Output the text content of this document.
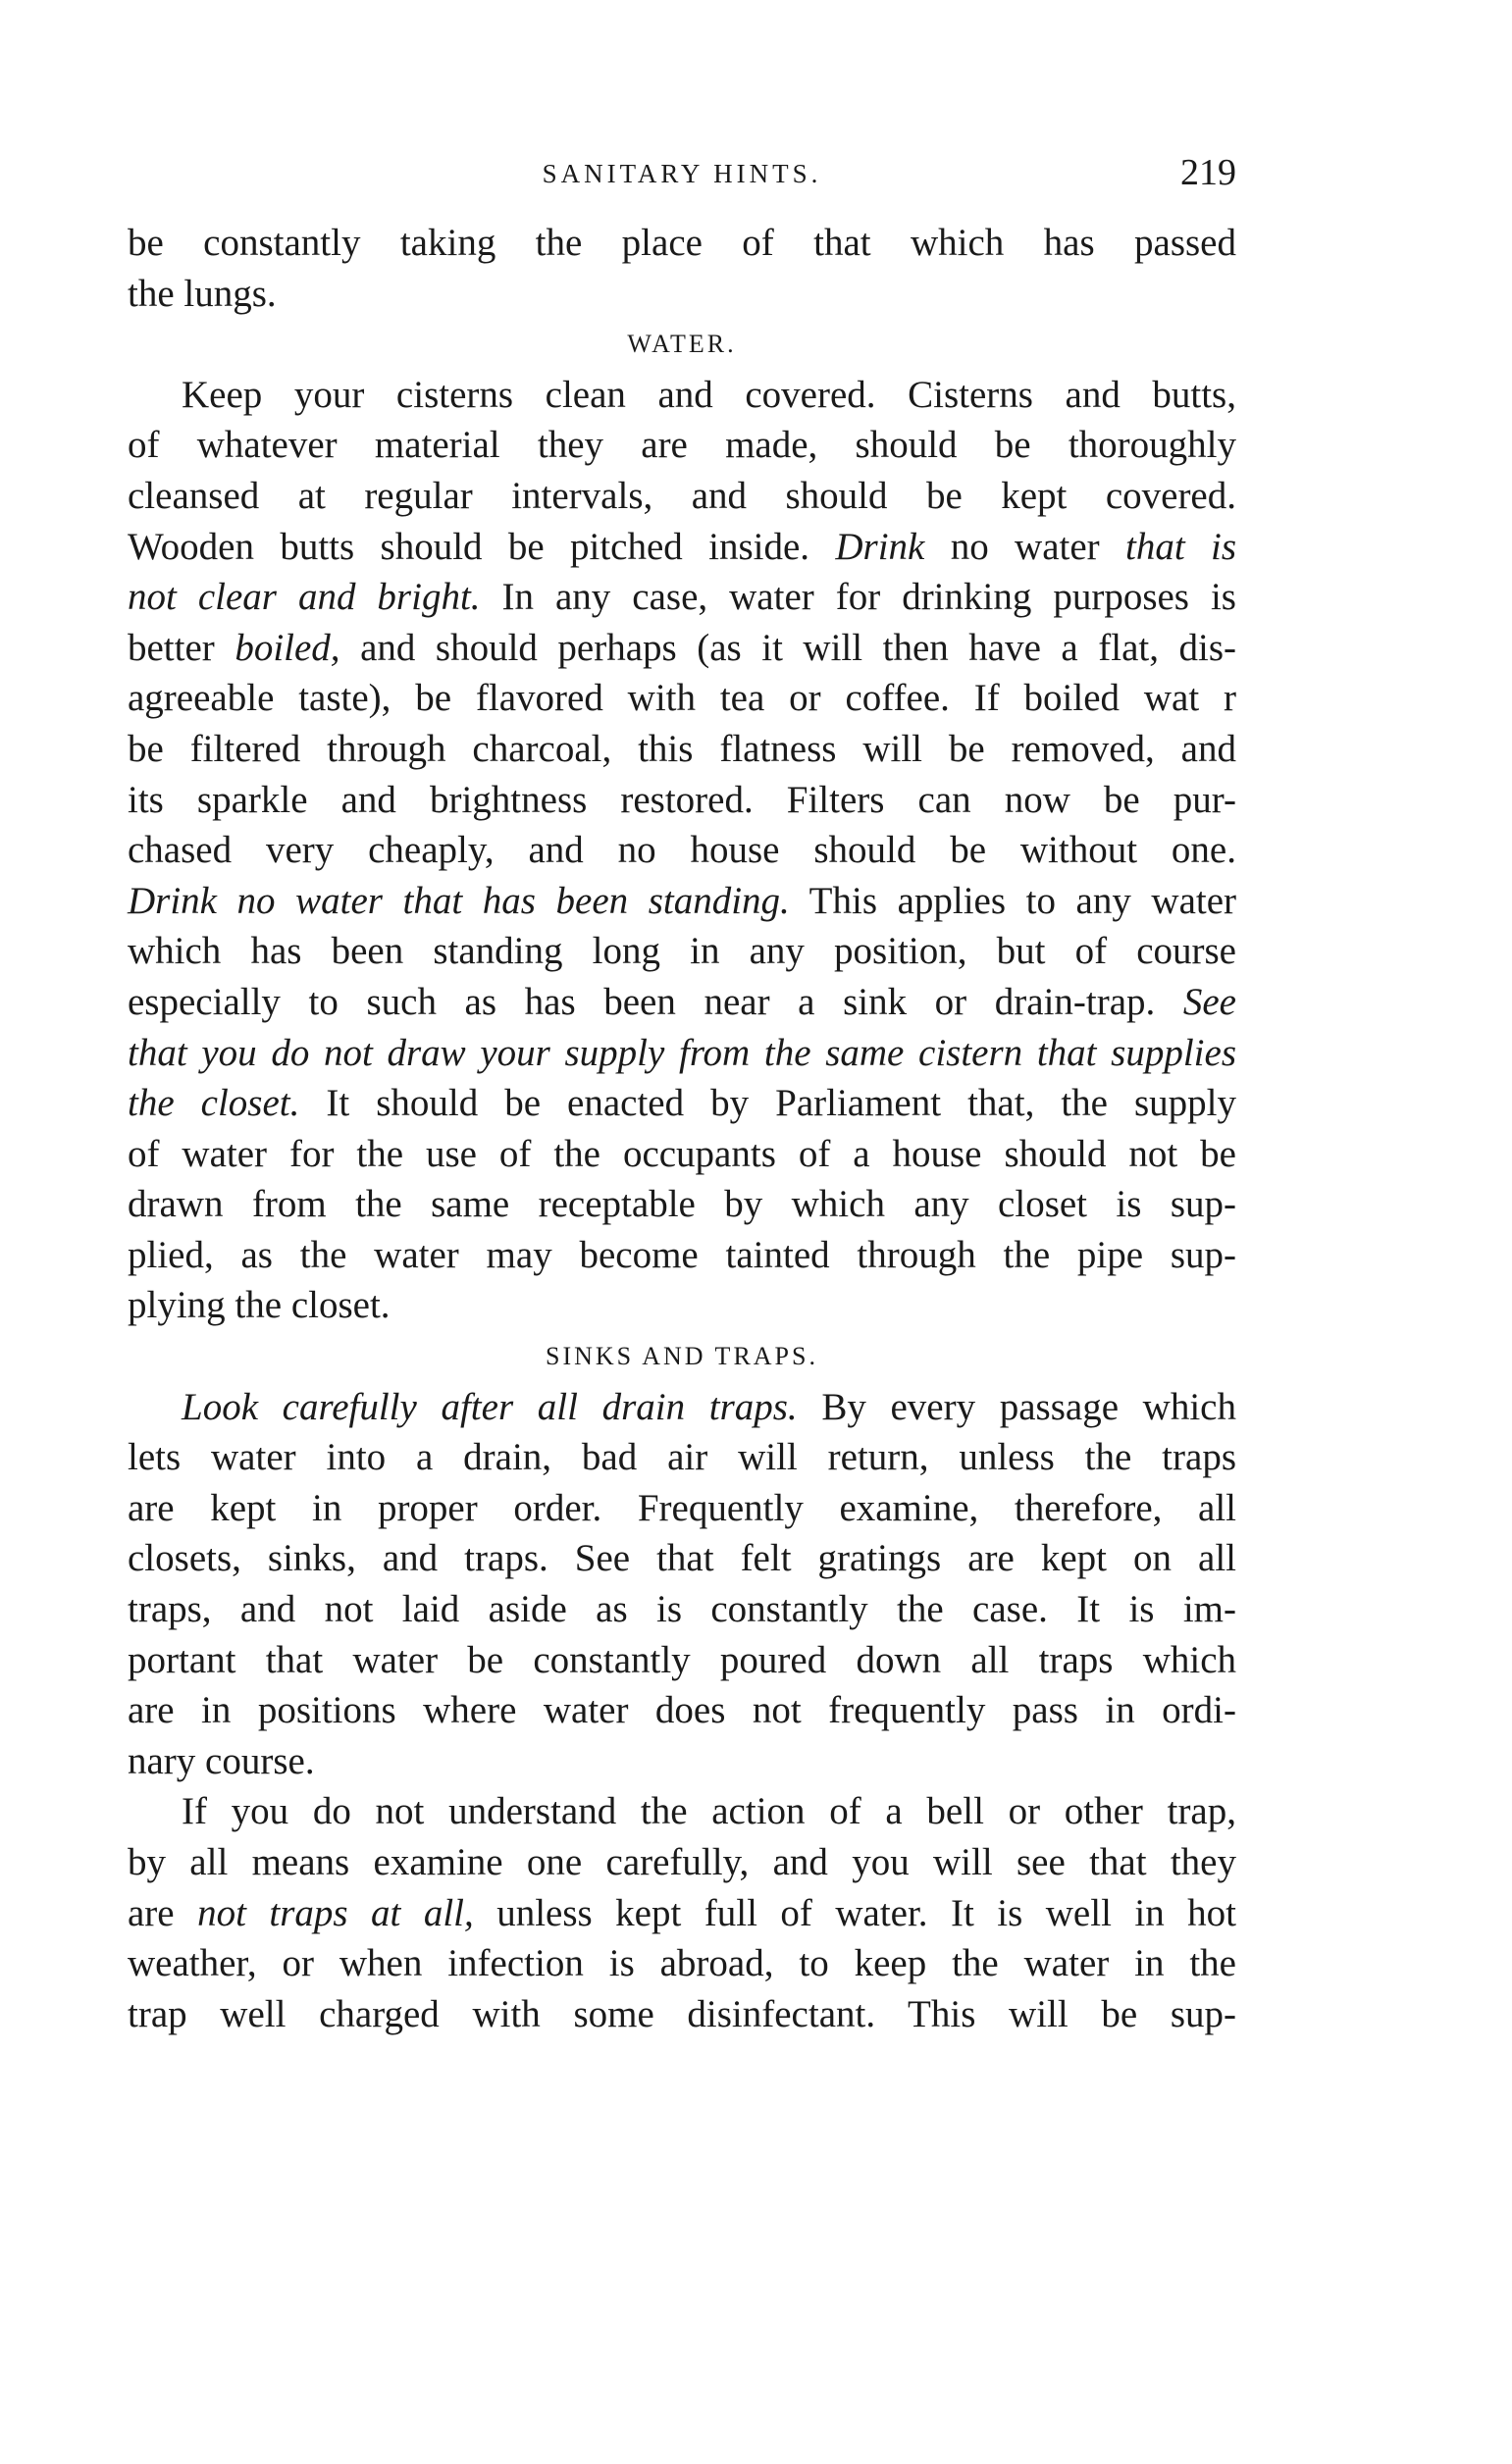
SANITARY HINTS.	219
be constantly taking the place of that which has passed
the lungs.
WATER.
Keep your cisterns clean and covered. Cisterns and butts,
of whatever material they are made, should be thoroughly
cleansed at regular intervals, and should be kept covered.
Wooden butts should be pitched inside. Drink no water that is
not clear and bright. In any case, water for drinking purposes is
better boiled, and should perhaps (as it will then have a flat, dis-
agreeable taste), be flavored with tea or coffee. If boiled wat r
be filtered through charcoal, this flatness will be removed, and
its sparkle and brightness restored. Filters can now be pur-
chased very cheaply, and no house should be without one.
Drink no water that has been standing. This applies to any water
which has been standing long in any position, but of course
especially to such as has been near a sink or drain-trap. See
that you do not draw your supply from the same cistern that supplies
the closet. It should be enacted by Parliament that, the supply
of water for the use of the occupants of a house should not be
drawn from the same receptable by which any closet is sup-
plied, as the water may become tainted through the pipe sup-
plying the closet.
SINKS AND TRAPS.
Look carefully after all drain traps. By every passage which
lets water into a drain, bad air will return, unless the traps
are kept in proper order. Frequently examine, therefore, all
closets, sinks, and traps. See that felt gratings are kept on all
traps, and not laid aside as is constantly the case. It is im-
portant that water be constantly poured down all traps which
are in positions where water does not frequently pass in ordi-
nary course.
If you do not understand the action of a bell or other trap,
by all means examine one carefully, and you will see that they
are not traps at all, unless kept full of water. It is well in hot
weather, or when infection is abroad, to keep the water in the
trap well charged with some disinfectant. This will be sup-
